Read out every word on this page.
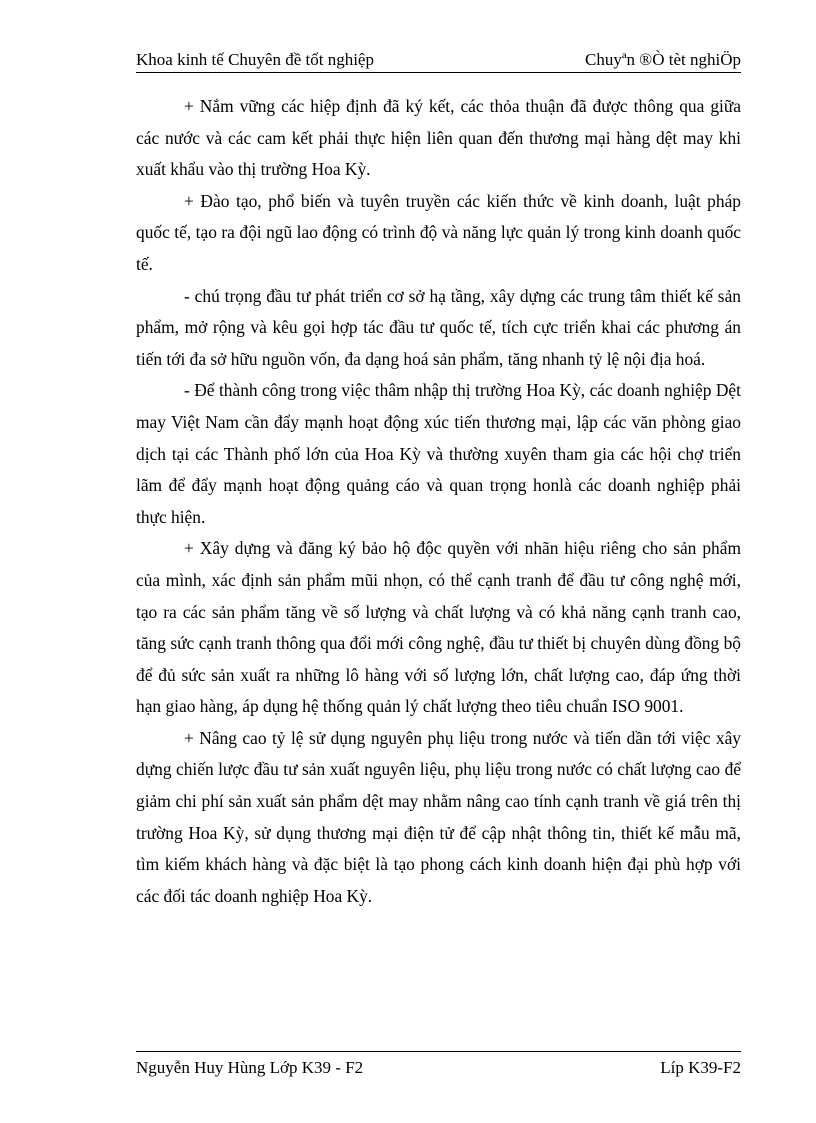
Khoa kinh tế Chuyên đề tốt nghiệp	Chuyªn ®Ò tèt nghiÖp

+ Nắm vững các hiệp định đã ký kết, các thỏa thuận đã được thông qua giữa các nước và các cam kết phải thực hiện liên quan đến thương mại hàng dệt may khi xuất khẩu vào thị trường Hoa Kỳ.

+ Đào tạo, phổ biến và tuyên truyền các kiến thức về kinh doanh, luật pháp quốc tế, tạo ra đội ngũ lao động có trình độ và năng lực quản lý trong kinh doanh quốc tế.

- chú trọng đầu tư phát triển cơ sở hạ tầng, xây dựng các trung tâm thiết kế sản phẩm, mở rộng và kêu gọi hợp tác đầu tư quốc tế, tích cực triển khai các phương án tiến tới đa sở hữu nguồn vốn, đa dạng hoá sản phẩm, tăng nhanh tỷ lệ nội địa hoá.

- Để thành công trong việc thâm nhập thị trường Hoa Kỳ, các doanh nghiệp Dệt may Việt Nam cần đẩy mạnh hoạt động xúc tiến thương mại, lập các văn phòng giao dịch tại các Thành phố lớn của Hoa Kỳ và thường xuyên tham gia các hội chợ triển lãm để đẩy mạnh hoạt động quảng cáo và quan trọng honlà các doanh nghiệp phải thực hiện.

+ Xây dựng và đăng ký bảo hộ độc quyền với nhãn hiệu riêng cho sản phẩm của mình, xác định sản phẩm mũi nhọn, có thể cạnh tranh để đầu tư công nghệ mới, tạo ra các sản phẩm tăng về số lượng và chất lượng và có khả năng cạnh tranh cao, tăng sức cạnh tranh thông qua đổi mới công nghệ, đầu tư thiết bị chuyên dùng đồng bộ để đủ sức sản xuất ra những lô hàng với số lượng lớn, chất lượng cao, đáp ứng thời hạn giao hàng, áp dụng hệ thống quản lý chất lượng theo tiêu chuẩn ISO 9001.

+ Nâng cao tỷ lệ sử dụng nguyên phụ liệu trong nước và tiến dần tới việc xây dựng chiến lược đầu tư sản xuất nguyên liệu, phụ liệu trong nước có chất lượng cao để giảm chi phí sản xuất sản phẩm dệt may nhằm nâng cao tính cạnh tranh về giá trên thị trường Hoa Kỳ, sử dụng thương mại điện tử để cập nhật thông tin, thiết kế mẫu mã, tìm kiếm khách hàng và đặc biệt là tạo phong cách kinh doanh hiện đại phù hợp với các đối tác doanh nghiệp Hoa Kỳ.

Nguyễn Huy Hùng Lớp K39 - F2	Líp K39-F2
